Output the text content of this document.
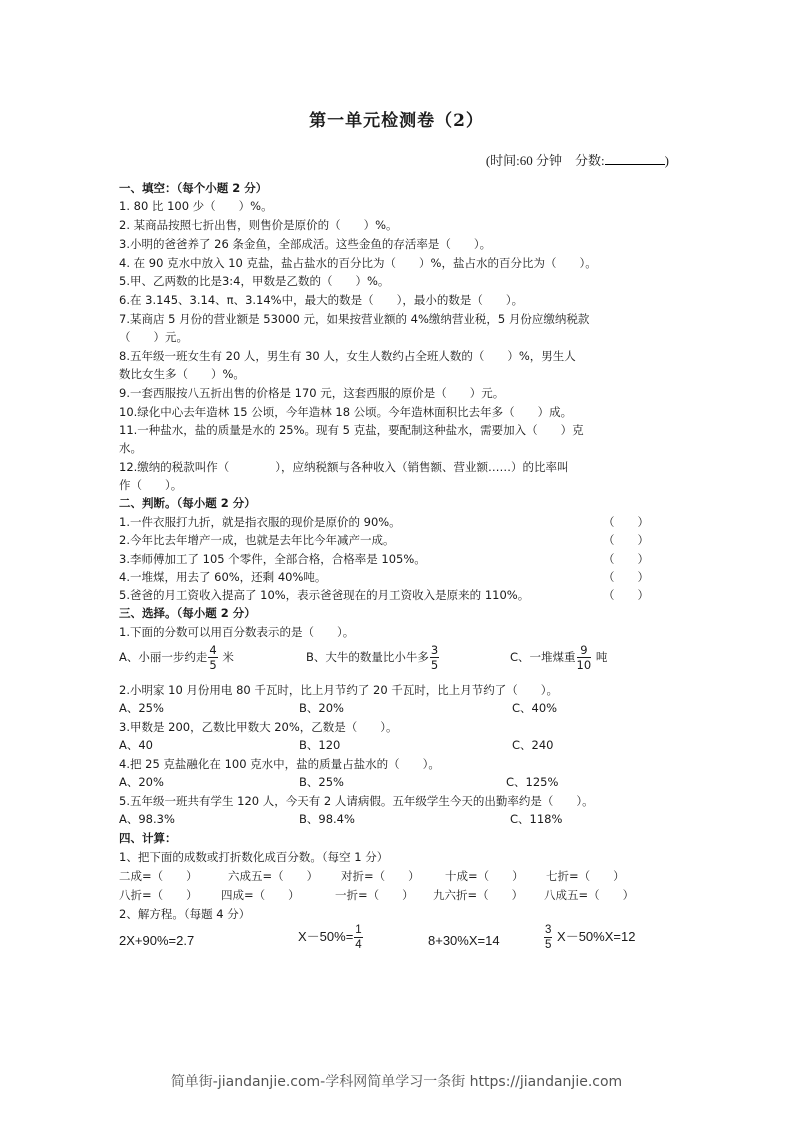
第一单元检测卷（2）
(时间:60 分钟 分数:	)
一、填空：（每个小题 2 分）
1. 80 比 100 少（　　）%。
2. 某商品按照七折出售，则售价是原价的（　　）%。
3.小明的爸爸养了 26 条金鱼，全部成活。这些金鱼的存活率是（　　）。
4. 在 90 克水中放入 10 克盐，盐占盐水的百分比为（　　）%，盐占水的百分比为（　　）。
5.甲、乙两数的比是3:4，甲数是乙数的（　　）%。
6.在 3.145、3.14、π、3.14%中，最大的数是（　　），最小的数是（　　）。
7.某商店 5 月份的营业额是 53000 元，如果按营业额的 4%缴纳营业税，5 月份应缴纳税款
（　　）元。
8.五年级一班女生有 20 人，男生有 30 人，女生人数约占全班人数的（　　）%，男生人
数比女生多（　　）%。
9.一套西服按八五折出售的价格是 170 元，这套西服的原价是（　　）元。
10.绿化中心去年造林 15 公顷，今年造林 18 公顷。今年造林面积比去年多（　　）成。
11.一种盐水，盐的质量是水的 25%。现有 5 克盐，要配制这种盐水，需要加入（　　）克
水。
12.缴纳的税款叫作（　　　　），应纳税额与各种收入（销售额、营业额……）的比率叫
作（　　）。
二、判断。（每小题 2 分）
1.一件衣服打九折，就是指衣服的现价是原价的 90%。	（　　）
2.今年比去年增产一成，也就是去年比今年减产一成。	（　　）
3.李师傅加工了 105 个零件，全部合格，合格率是 105%。	（　　）
4.一堆煤，用去了 60%，还剩 40%吨。	（　　）
5.爸爸的月工资收入提高了 10%，表示爸爸现在的月工资收入是原来的 110%。	（　　）
三、选择。（每小题 2 分）
1.下面的分数可以用百分数表示的是（　　）。
A、小丽一步约走 $\frac{4}{5}$ 米	B、大牛的数量比小牛多 $\frac{3}{5}$	C、一堆煤重 $\frac{9}{10}$ 吨
2.小明家 10 月份用电 80 千瓦时，比上月节约了 20 千瓦时，比上月节约了（　　）。
A、25%	B、20%	C、40%
3.甲数是 200，乙数比甲数大 20%，乙数是（　　）。
A、40	B、120	C、240
4.把 25 克盐融化在 100 克水中，盐的质量占盐水的（　　）。
A、20%	B、25%	C、125%
5.五年级一班共有学生 120 人，今天有 2 人请病假。五年级学生今天的出勤率约是（　　）。
A、98.3%	B、98.4%	C、118%
四、计算：
1、把下面的成数或打折数化成百分数。（每空 1 分）
二成=（　　）	六成五=（　　） 对折=（　　） 十成=（　　） 七折=（　　）
八折=（　　） 四成=（　　）	一折=（　　） 九六折=（　　） 八成五=（　　）
2、解方程。（每题 4 分）
2X+90%=2.7	$X-50\%= \frac{1}{4}$	8+30%X=14	$\frac{3}{5} X-50\%X=12$
简单街-jiandanjie.com-学科网简单学习一条街 https://jiandanjie.com
